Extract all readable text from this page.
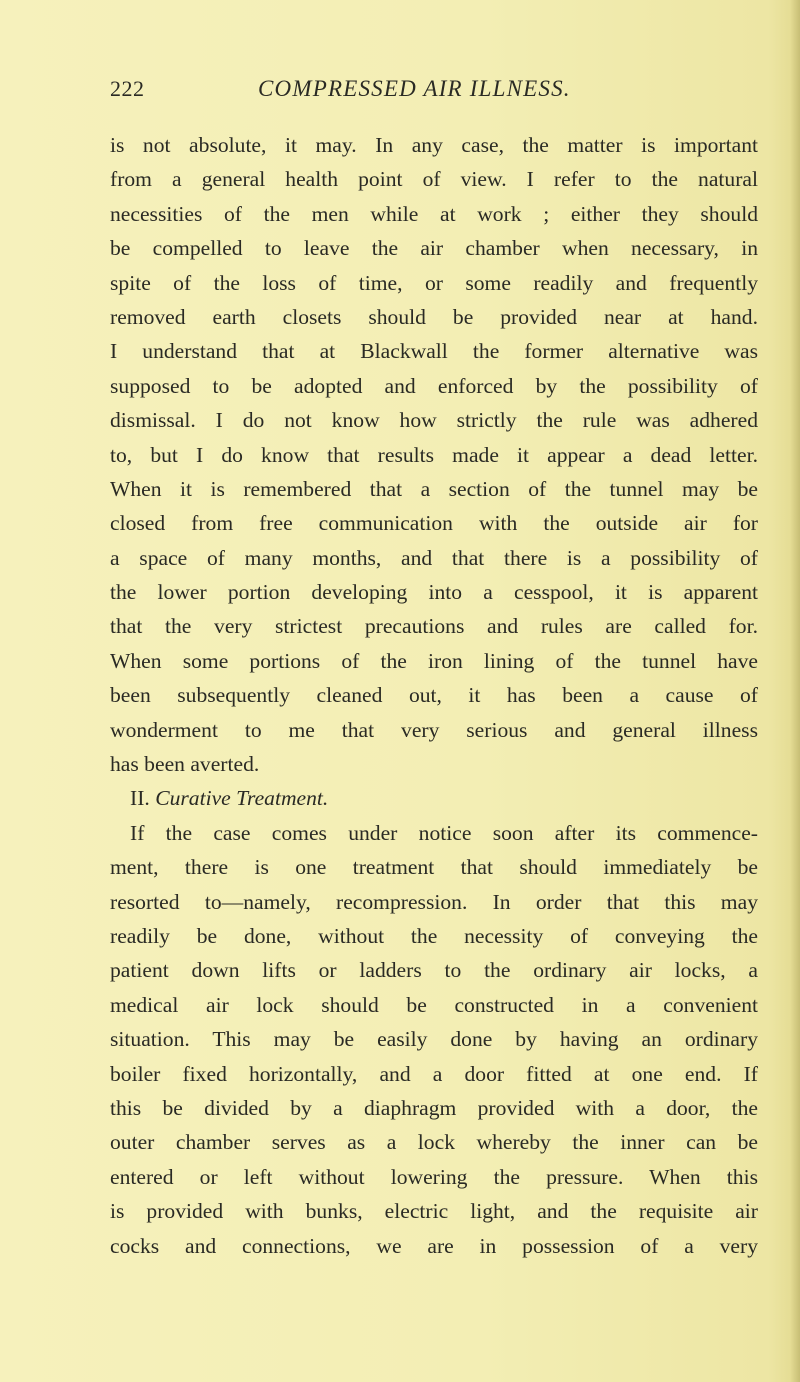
222	COMPRESSED AIR ILLNESS.
is not absolute, it may. In any case, the matter is important
from a general health point of view. I refer to the natural
necessities of the men while at work ; either they should
be compelled to leave the air chamber when necessary, in
spite of the loss of time, or some readily and frequently
removed earth closets should be provided near at hand.
I understand that at Blackwall the former alternative was
supposed to be adopted and enforced by the possibility of
dismissal. I do not know how strictly the rule was adhered
to, but I do know that results made it appear a dead letter.
When it is remembered that a section of the tunnel may be
closed from free communication with the outside air for
a space of many months, and that there is a possibility of
the lower portion developing into a cesspool, it is apparent
that the very strictest precautions and rules are called for.
When some portions of the iron lining of the tunnel have
been subsequently cleaned out, it has been a cause of
wonderment to me that very serious and general illness
has been averted.
II. Curative Treatment.
If the case comes under notice soon after its commence-
ment, there is one treatment that should immediately be
resorted to—namely, recompression. In order that this may
readily be done, without the necessity of conveying the
patient down lifts or ladders to the ordinary air locks, a
medical air lock should be constructed in a convenient
situation. This may be easily done by having an ordinary
boiler fixed horizontally, and a door fitted at one end. If
this be divided by a diaphragm provided with a door, the
outer chamber serves as a lock whereby the inner can be
entered or left without lowering the pressure. When this
is provided with bunks, electric light, and the requisite air
cocks and connections, we are in possession of a very
